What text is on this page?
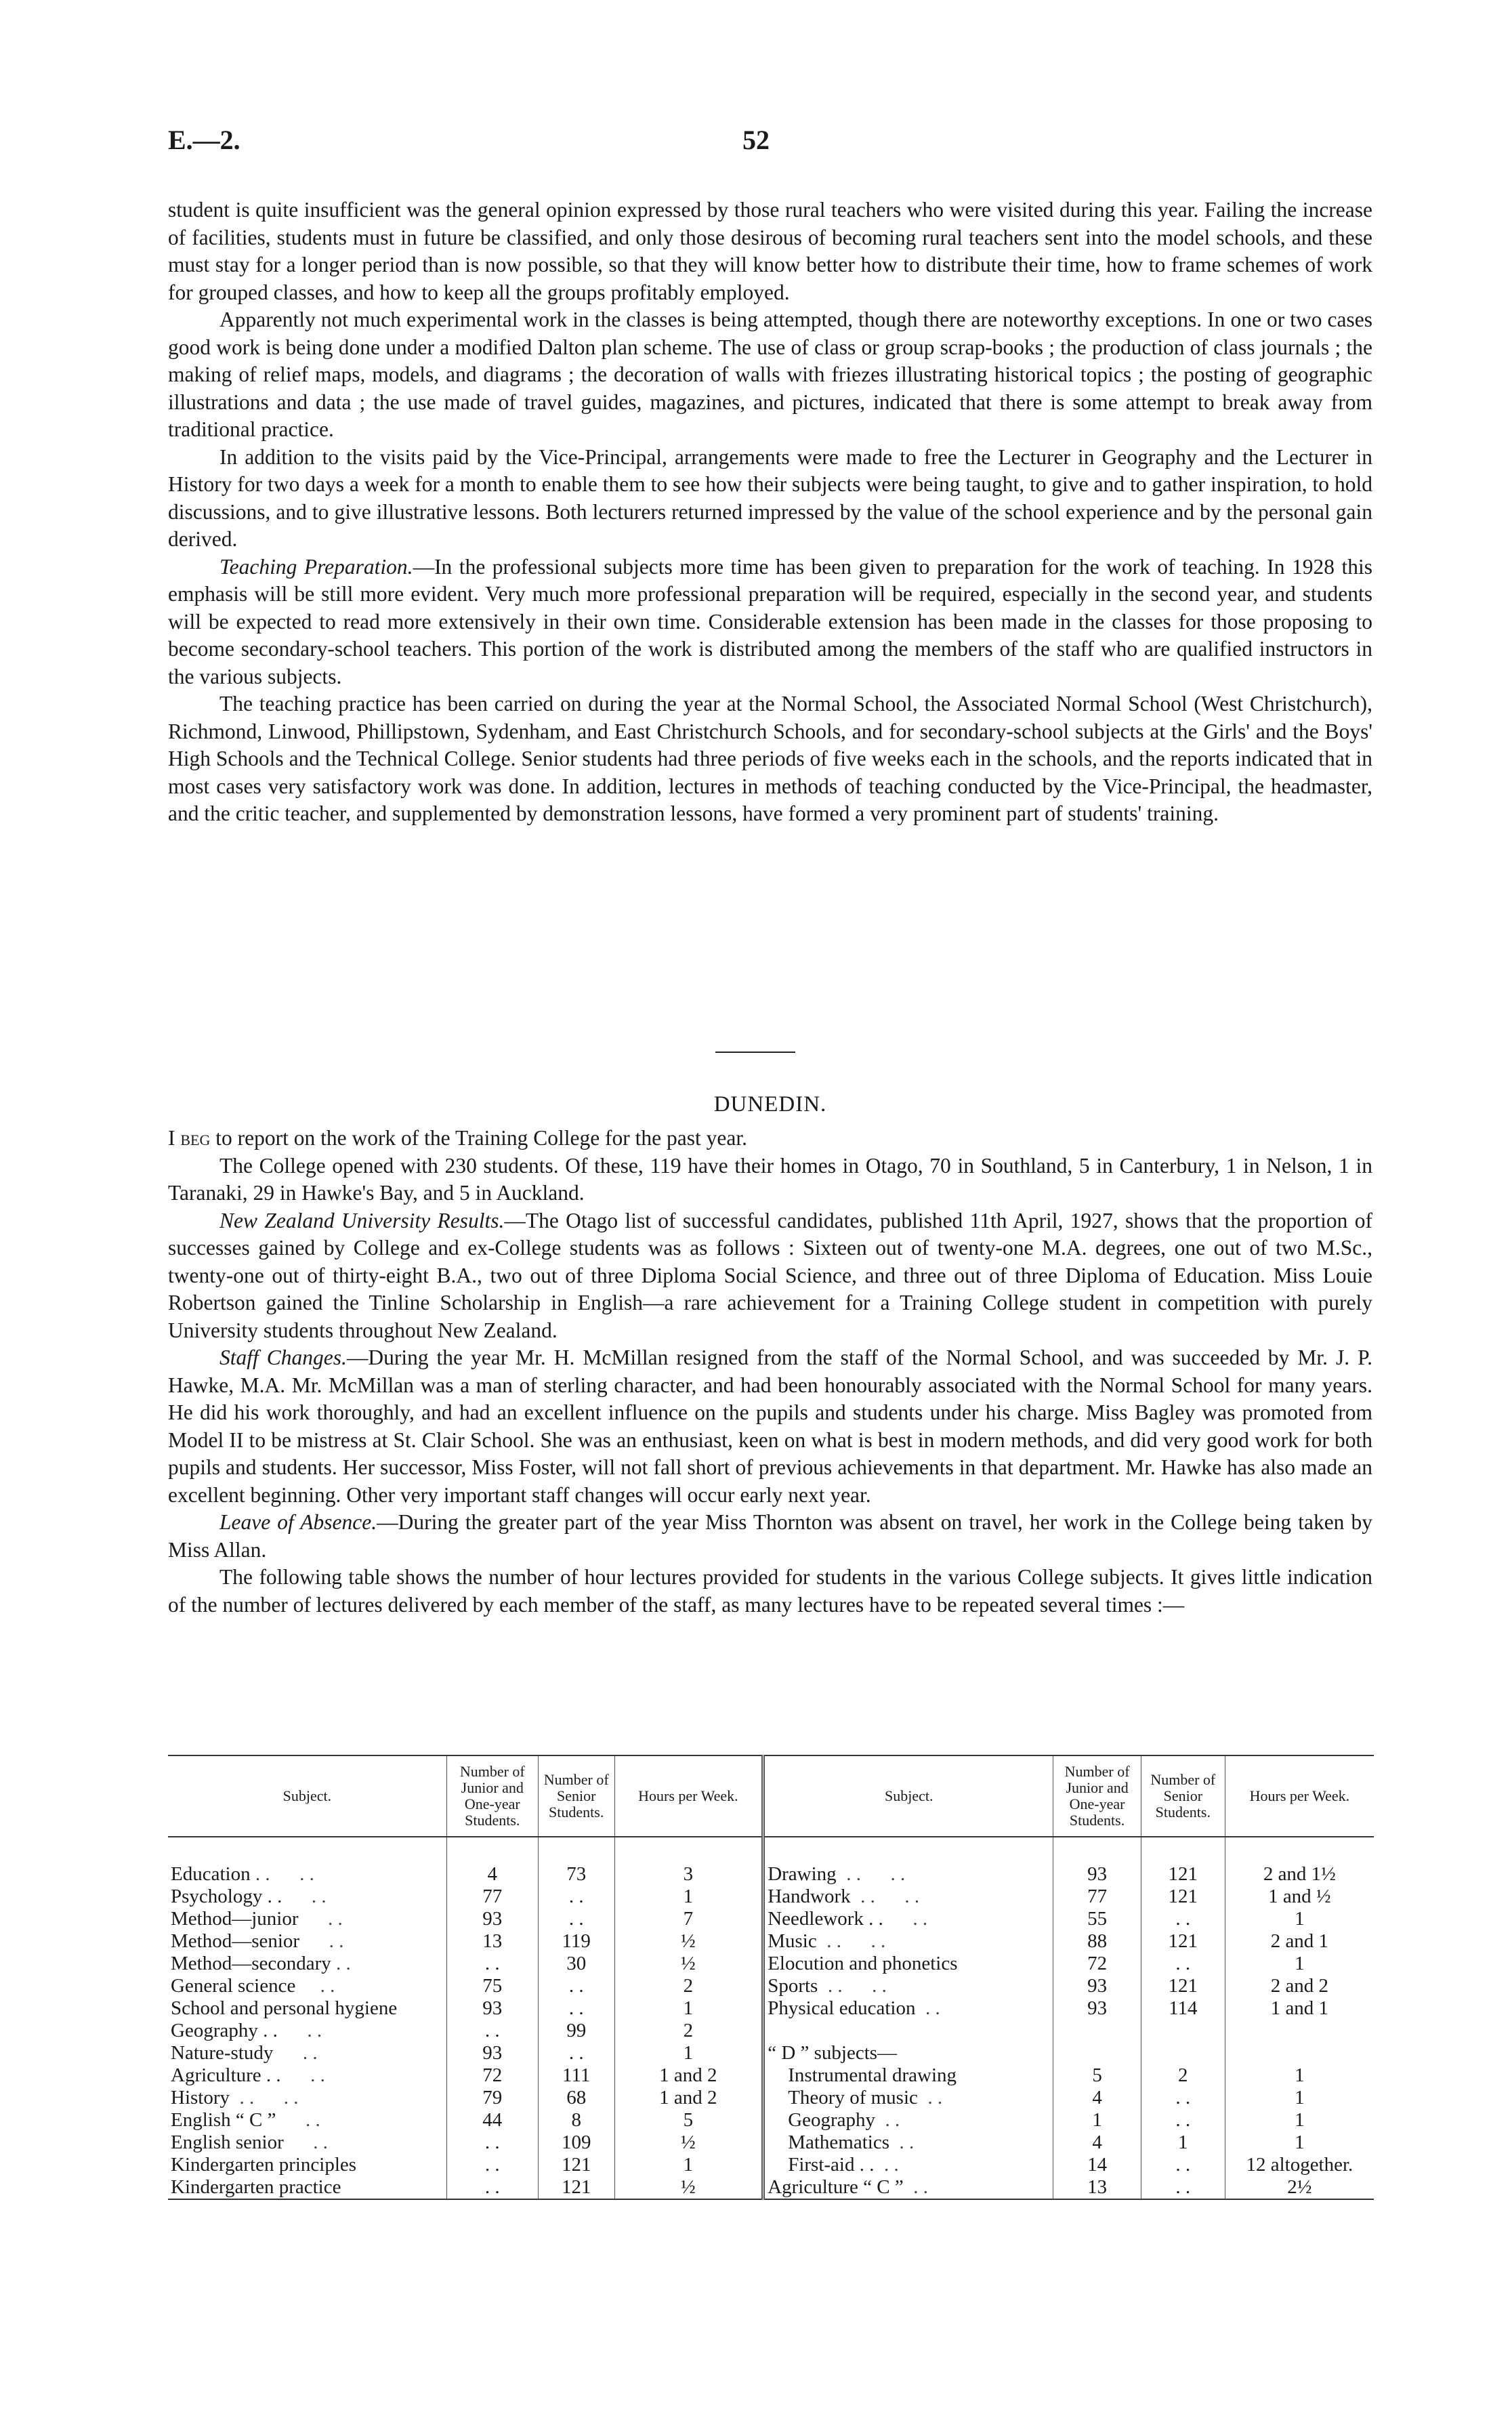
E.—2.	52

student is quite insufficient was the general opinion expressed by those rural teachers who were visited during this year. Failing the increase of facilities, students must in future be classified, and only those desirous of becoming rural teachers sent into the model schools, and these must stay for a longer period than is now possible, so that they will know better how to distribute their time, how to frame schemes of work for grouped classes, and how to keep all the groups profitably employed.

Apparently not much experimental work in the classes is being attempted, though there are noteworthy exceptions. In one or two cases good work is being done under a modified Dalton plan scheme. The use of class or group scrap-books ; the production of class journals ; the making of relief maps, models, and diagrams ; the decoration of walls with friezes illustrating historical topics ; the posting of geographic illustrations and data ; the use made of travel guides, magazines, and pictures, indicated that there is some attempt to break away from traditional practice.

In addition to the visits paid by the Vice-Principal, arrangements were made to free the Lecturer in Geography and the Lecturer in History for two days a week for a month to enable them to see how their subjects were being taught, to give and to gather inspiration, to hold discussions, and to give illustrative lessons. Both lecturers returned impressed by the value of the school experience and by the personal gain derived.

Teaching Preparation.—In the professional subjects more time has been given to preparation for the work of teaching. In 1928 this emphasis will be still more evident. Very much more professional preparation will be required, especially in the second year, and students will be expected to read more extensively in their own time. Considerable extension has been made in the classes for those proposing to become secondary-school teachers. This portion of the work is distributed among the members of the staff who are qualified instructors in the various subjects.

The teaching practice has been carried on during the year at the Normal School, the Associated Normal School (West Christchurch), Richmond, Linwood, Phillipstown, Sydenham, and East Christchurch Schools, and for secondary-school subjects at the Girls' and the Boys' High Schools and the Technical College. Senior students had three periods of five weeks each in the schools, and the reports indicated that in most cases very satisfactory work was done. In addition, lectures in methods of teaching conducted by the Vice-Principal, the headmaster, and the critic teacher, and supplemented by demonstration lessons, have formed a very prominent part of students' training.

DUNEDIN.

I beg to report on the work of the Training College for the past year.

The College opened with 230 students. Of these, 119 have their homes in Otago, 70 in Southland, 5 in Canterbury, 1 in Nelson, 1 in Taranaki, 29 in Hawke's Bay, and 5 in Auckland.

New Zealand University Results.—The Otago list of successful candidates, published 11th April, 1927, shows that the proportion of successes gained by College and ex-College students was as follows : Sixteen out of twenty-one M.A. degrees, one out of two M.Sc., twenty-one out of thirty-eight B.A., two out of three Diploma Social Science, and three out of three Diploma of Education. Miss Louie Robertson gained the Tinline Scholarship in English—a rare achievement for a Training College student in competition with purely University students throughout New Zealand.

Staff Changes.—During the year Mr. H. McMillan resigned from the staff of the Normal School, and was succeeded by Mr. J. P. Hawke, M.A. Mr. McMillan was a man of sterling character, and had been honourably associated with the Normal School for many years. He did his work thoroughly, and had an excellent influence on the pupils and students under his charge. Miss Bagley was promoted from Model II to be mistress at St. Clair School. She was an enthusiast, keen on what is best in modern methods, and did very good work for both pupils and students. Her successor, Miss Foster, will not fall short of previous achievements in that department. Mr. Hawke has also made an excellent beginning. Other very important staff changes will occur early next year.

Leave of Absence.—During the greater part of the year Miss Thornton was absent on travel, her work in the College being taken by Miss Allan.

The following table shows the number of hour lectures provided for students in the various College subjects. It gives little indication of the number of lectures delivered by each member of the staff, as many lectures have to be repeated several times :—

Subject.	Number of Junior and One-year Students.	Number of Senior Students.	Hours per Week.	Subject.	Number of Junior and One-year Students.	Number of Senior Students.	Hours per Week.

Education . .      . .	4	73	3	Drawing  . .      . .	93	121	2 and 1½
Psychology . .      . .	77	. .	1	Handwork  . .      . .	77	121	1 and ½
Method—junior      . .	93	. .	7	Needlework . .      . .	55	. .	1
Method—senior      . .	13	119	½	Music  . .      . .	88	121	2 and 1
Method—secondary . .	. .	30	½	Elocution and phonetics	72	. .	1
General science     . .	75	. .	2	Sports  . .      . .	93	121	2 and 2
School and personal hygiene	93	. .	1	Physical education  . .	93	114	1 and 1
Geography . .      . .	. .	99	2				
Nature-study      . .	93	. .	1	“ D ” subjects—			
Agriculture . .      . .	72	111	1 and 2	Instrumental drawing	5	2	1
History  . .      . .	79	68	1 and 2	Theory of music  . .	4	. .	1
English “ C ”      . .	44	8	5	Geography  . .	1	. .	1
English senior      . .	. .	109	½	Mathematics  . .	4	1	1
Kindergarten principles	. .	121	1	First-aid . .  . .	14	. .	12 altogether.
Kindergarten practice	. .	121	½	Agriculture “ C ”  . .	13	. .	2½
